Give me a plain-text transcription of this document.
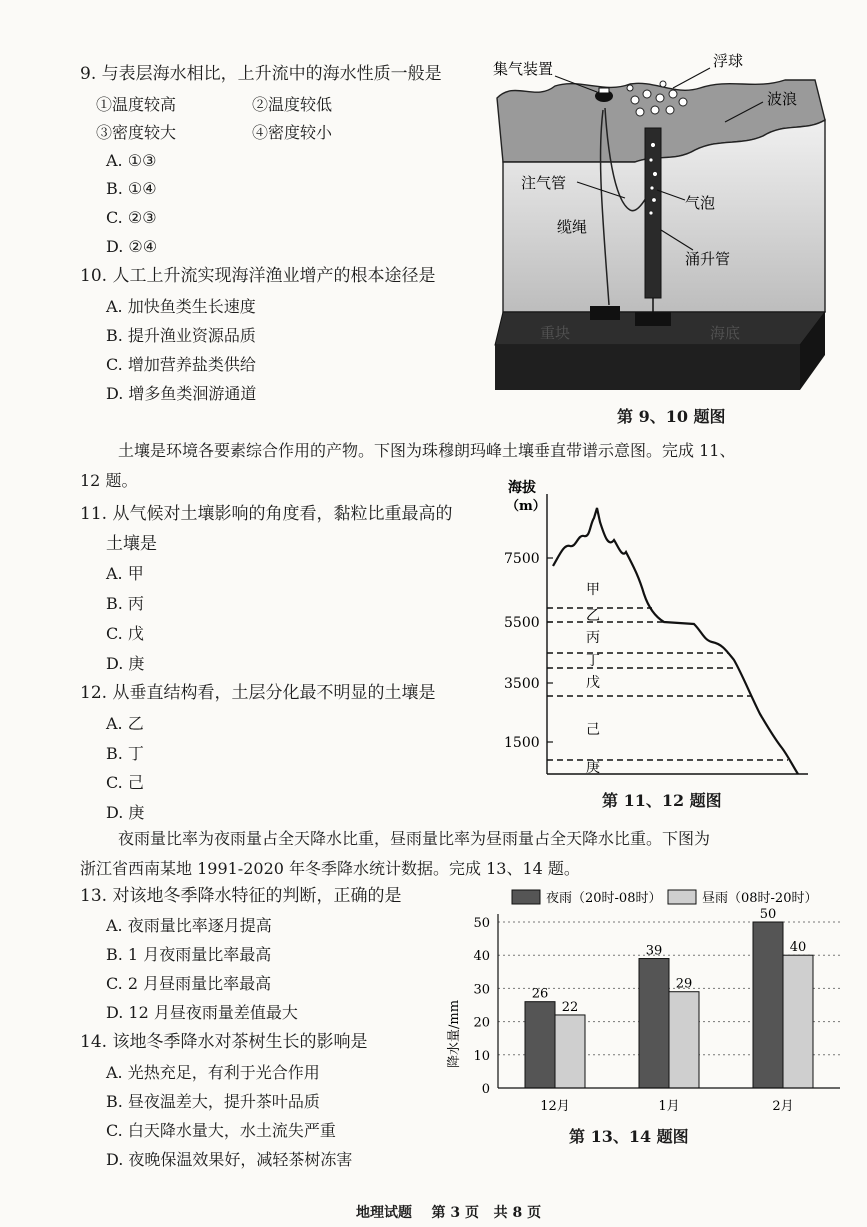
9. 与表层海水相比，上升流中的海水性质一般是
①温度较高	②温度较低
③密度较大	④密度较小
A. ①③
B. ①④
C. ②③
D. ②④
10. 人工上升流实现海洋渔业增产的根本途径是
A. 加快鱼类生长速度
B. 提升渔业资源品质
C. 增加营养盐类供给
D. 增多鱼类洄游通道
集气装置	浮球
波浪
注气管
气泡
缆绳
涌升管
重块	海底
第 9、10 题图
土壤是环境各要素综合作用的产物。下图为珠穆朗玛峰土壤垂直带谱示意图。完成 11、
12 题。
11. 从气候对土壤影响的角度看，黏粒比重最高的
土壤是
A. 甲
B. 丙
C. 戊
D. 庚
12. 从垂直结构看，土层分化最不明显的土壤是
A. 乙
B. 丁
C. 己
D. 庚
海拔
（m）
7500
5500
3500
1500
甲
乙
丙
丁
戊
己
庚
第 11、12 题图
夜雨量比率为夜雨量占全天降水比重，昼雨量比率为昼雨量占全天降水比重。下图为
浙江省西南某地 1991-2020 年冬季降水统计数据。完成 13、14 题。
13. 对该地冬季降水特征的判断，正确的是
A. 夜雨量比率逐月提高
B. 1 月夜雨量比率最高
C. 2 月昼雨量比率最高
D. 12 月昼夜雨量差值最大
14. 该地冬季降水对茶树生长的影响是
A. 光热充足，有利于光合作用
B. 昼夜温差大，提升茶叶品质
C. 白天降水量大，水土流失严重
D. 夜晚保温效果好，减轻茶树冻害
夜雨（20时-08时）	昼雨（08时-20时）
降水量/mm
0
10
20
30
40
50
26
22
39
29
50
40
12月	1月	2月
第 13、14 题图
地理试题 第 3 页 共 8 页
